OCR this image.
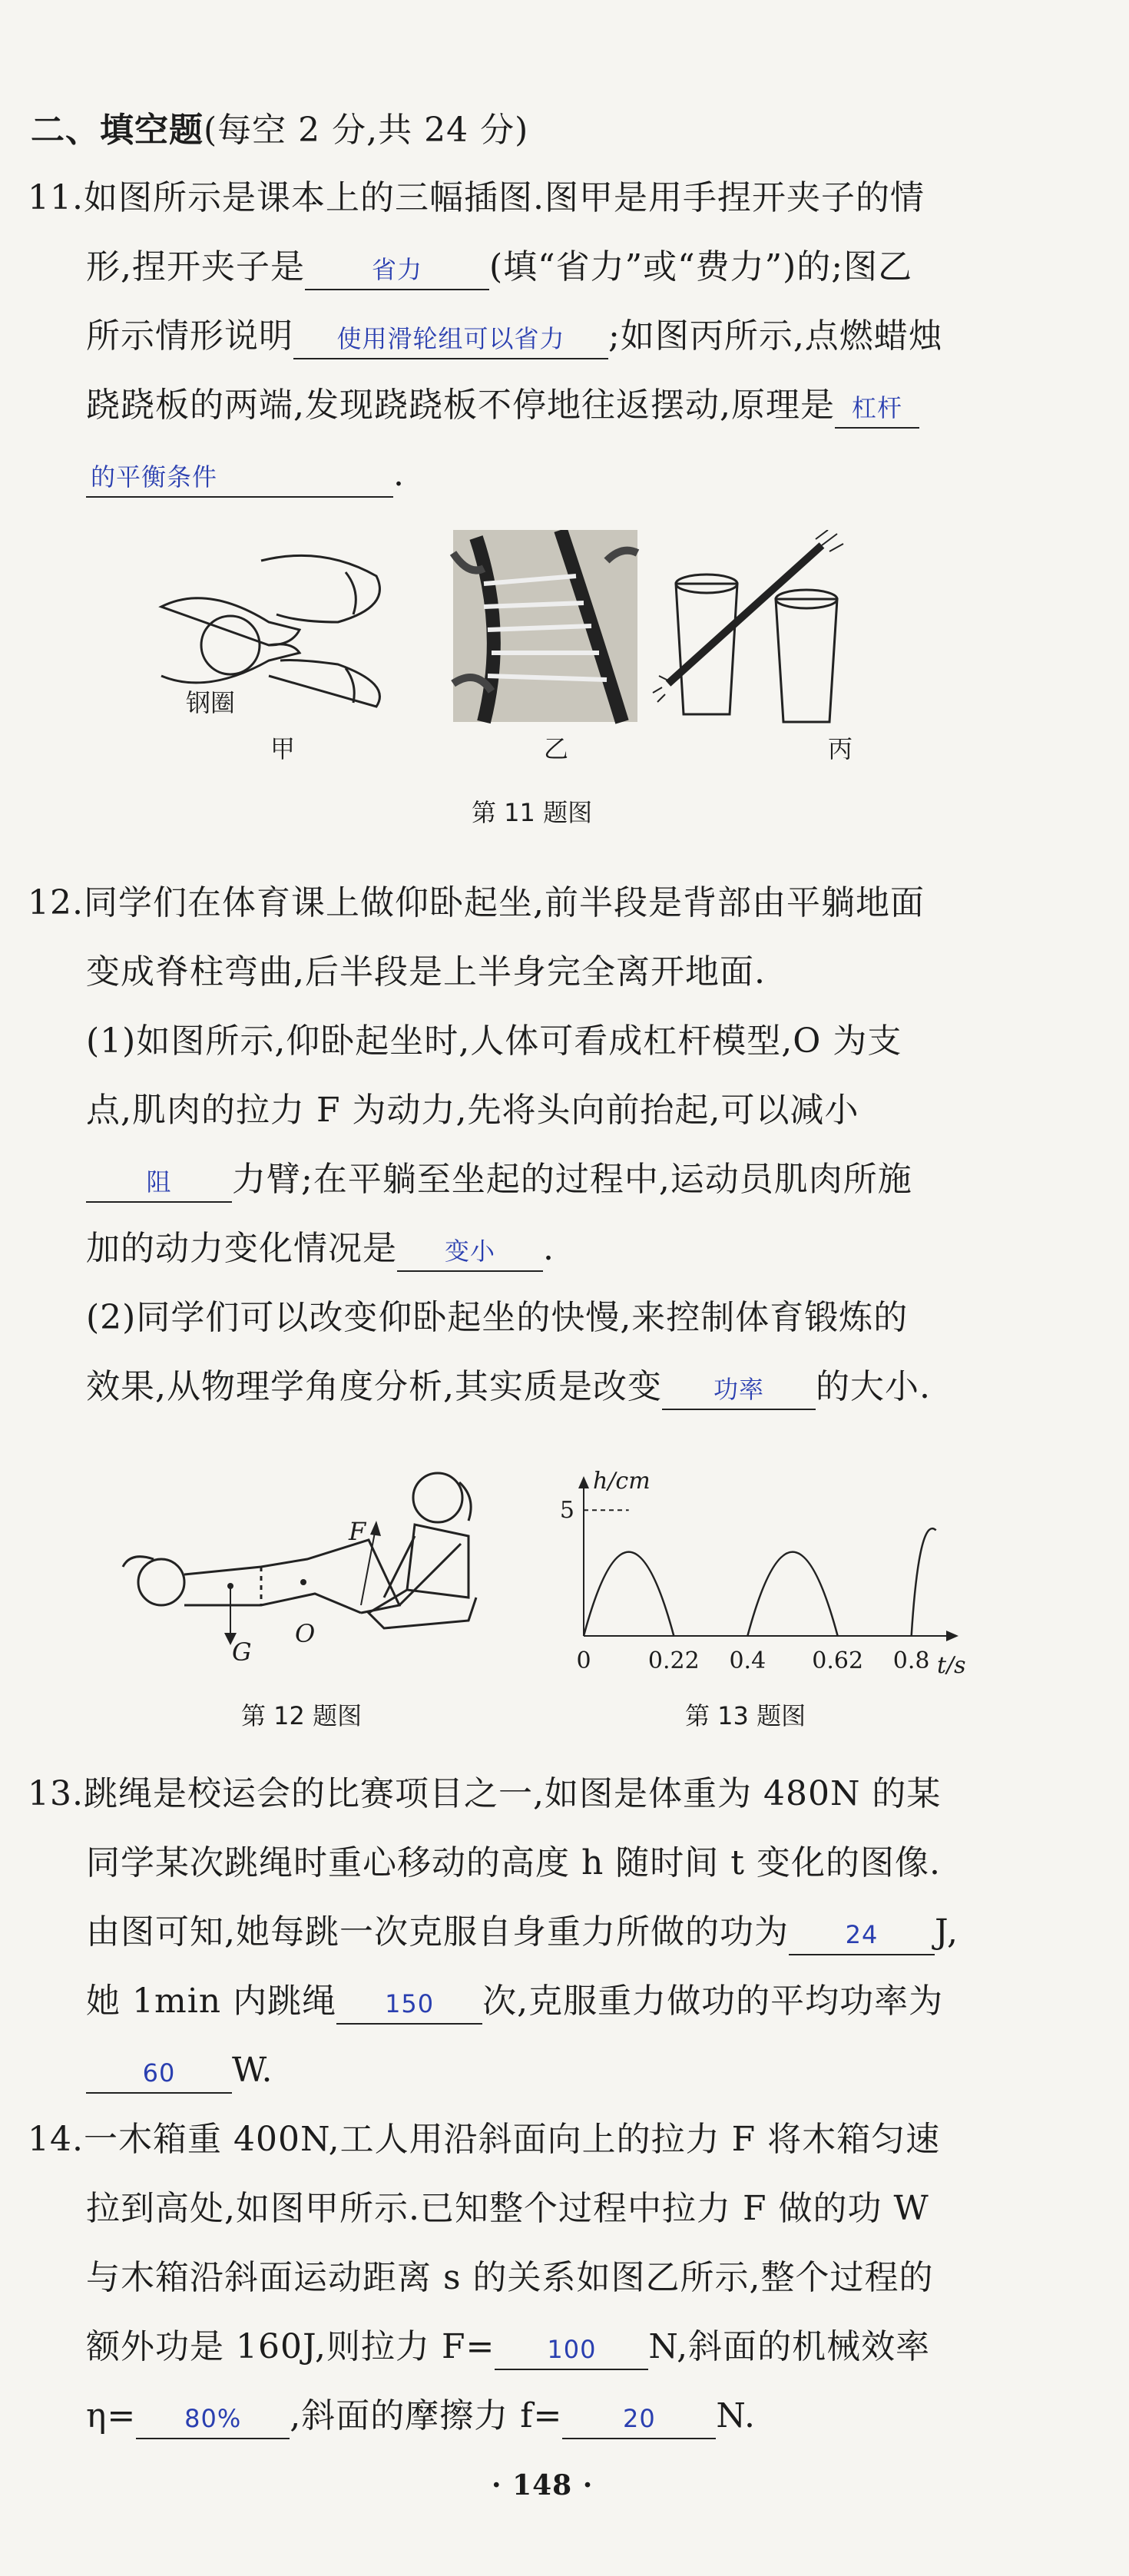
二、填空题(每空 2 分,共 24 分)
11.如图所示是课本上的三幅插图.图甲是用手捏开夹子的情
形,捏开夹子是	省力 (填“省力”或“费力”)的;图乙
所示情形说明 使用滑轮组可以省力 ;如图丙所示,点燃蜡烛
跷跷板的两端,发现跷跷板不停地往返摆动,原理是 杠杆
的平衡条件	.
钢圈
甲	乙	丙
第 11 题图
12.同学们在体育课上做仰卧起坐,前半段是背部由平躺地面
变成脊柱弯曲,后半段是上半身完全离开地面.
(1)如图所示,仰卧起坐时,人体可看成杠杆模型,O 为支
点,肌肉的拉力 F 为动力,先将头向前抬起,可以减小
阻 力臂;在平躺至坐起的过程中,运动员肌肉所施
加的动力变化情况是 变小 .
(2)同学们可以改变仰卧起坐的快慢,来控制体育锻炼的
效果,从物理学角度分析,其实质是改变 功率 的大小.
F
G
O
第 12 题图
0 0.22 0.4 0.62 0.8
5
h/cm
t/s
第 13 题图
13.跳绳是校运会的比赛项目之一,如图是体重为 480N 的某
同学某次跳绳时重心移动的高度 h 随时间 t 变化的图像.
由图可知,她每跳一次克服自身重力所做的功为 24 J,
她 1min 内跳绳 150 次,克服重力做功的平均功率为
60 W.
14.一木箱重 400N,工人用沿斜面向上的拉力 F 将木箱匀速
拉到高处,如图甲所示.已知整个过程中拉力 F 做的功 W
与木箱沿斜面运动距离 s 的关系如图乙所示,整个过程的
额外功是 160J,则拉力 F= 100 N,斜面的机械效率
η= 80% ,斜面的摩擦力 f= 20 N.
· 148 ·
